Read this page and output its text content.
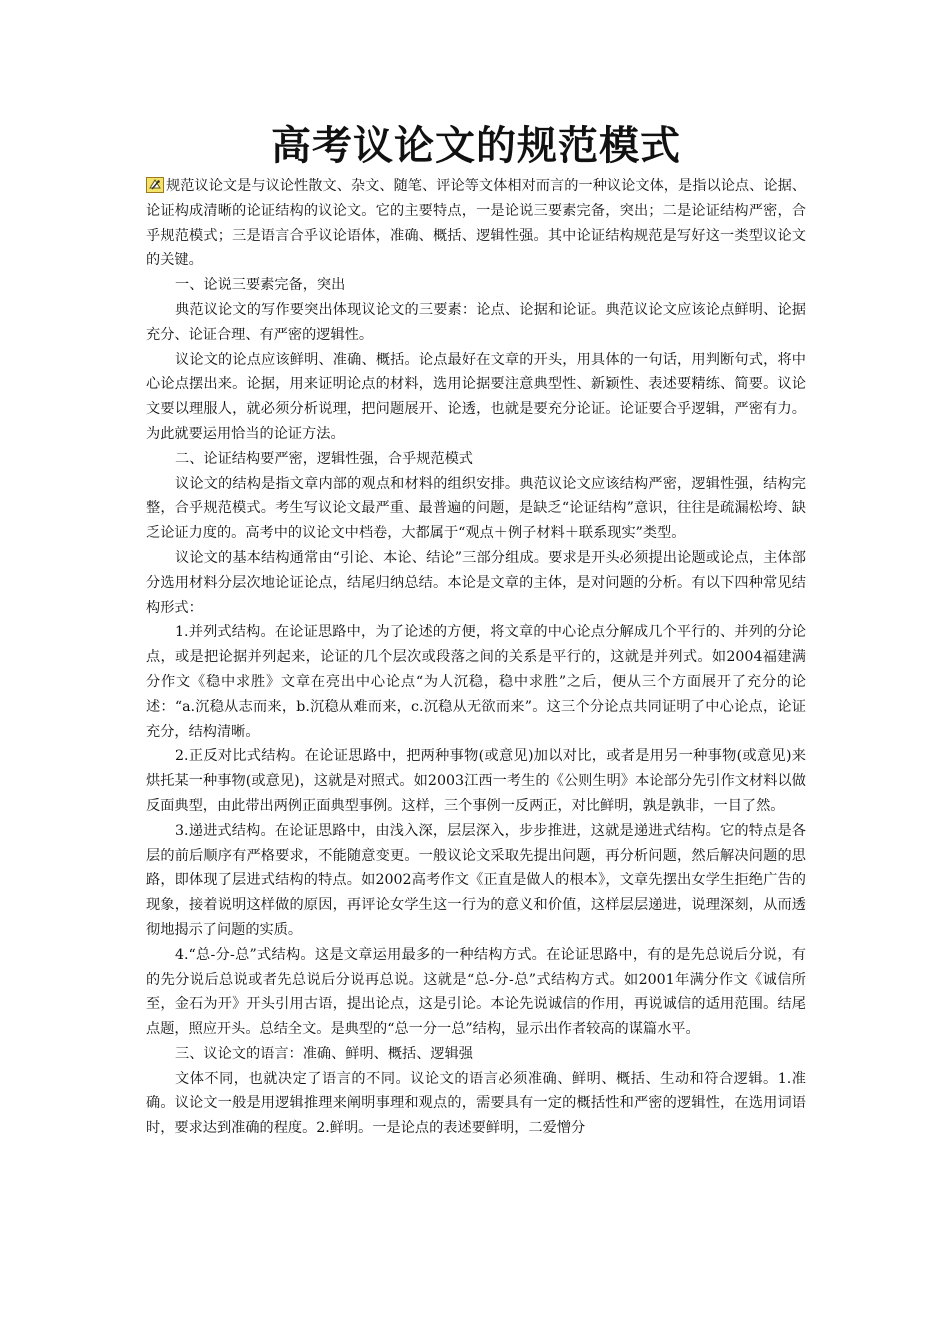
高考议论文的规范模式

规范议论文是与议论性散文、杂文、随笔、评论等文体相对而言的一种议论文体，是指以论点、论据、论证构成清晰的论证结构的议论文。它的主要特点，一是论说三要素完备，突出；二是论证结构严密，合乎规范模式；三是语言合乎议论语体，准确、概括、逻辑性强。其中论证结构规范是写好这一类型议论文的关键。

一、论说三要素完备，突出

典范议论文的写作要突出体现议论文的三要素：论点、论据和论证。典范议论文应该论点鲜明、论据充分、论证合理、有严密的逻辑性。

议论文的论点应该鲜明、准确、概括。论点最好在文章的开头，用具体的一句话，用判断句式，将中心论点摆出来。论据，用来证明论点的材料，选用论据要注意典型性、新颖性、表述要精练、简要。议论文要以理服人，就必须分析说理，把问题展开、论透，也就是要充分论证。论证要合乎逻辑，严密有力。为此就要运用恰当的论证方法。

二、论证结构要严密，逻辑性强，合乎规范模式

议论文的结构是指文章内部的观点和材料的组织安排。典范议论文应该结构严密，逻辑性强，结构完整，合乎规范模式。考生写议论文最严重、最普遍的问题，是缺乏“论证结构”意识，往往是疏漏松垮、缺乏论证力度的。高考中的议论文中档卷，大都属于“观点＋例子材料＋联系现实”类型。

议论文的基本结构通常由“引论、本论、结论”三部分组成。要求是开头必须提出论题或论点，主体部分选用材料分层次地论证论点，结尾归纳总结。本论是文章的主体，是对问题的分析。有以下四种常见结构形式：

1.并列式结构。在论证思路中，为了论述的方便，将文章的中心论点分解成几个平行的、并列的分论点，或是把论据并列起来，论证的几个层次或段落之间的关系是平行的，这就是并列式。如2004福建满分作文《稳中求胜》文章在亮出中心论点“为人沉稳，稳中求胜”之后，便从三个方面展开了充分的论述：“a.沉稳从志而来，b.沉稳从难而来，c.沉稳从无欲而来”。这三个分论点共同证明了中心论点，论证充分，结构清晰。

2.正反对比式结构。在论证思路中，把两种事物(或意见)加以对比，或者是用另一种事物(或意见)来烘托某一种事物(或意见)，这就是对照式。如2003江西一考生的《公则生明》本论部分先引作文材料以做反面典型，由此带出两例正面典型事例。这样，三个事例一反两正，对比鲜明，孰是孰非，一目了然。

3.递进式结构。在论证思路中，由浅入深，层层深入，步步推进，这就是递进式结构。它的特点是各层的前后顺序有严格要求，不能随意变更。一般议论文采取先提出问题，再分析问题，然后解决问题的思路，即体现了层进式结构的特点。如2002高考作文《正直是做人的根本》，文章先摆出女学生拒绝广告的现象，接着说明这样做的原因，再评论女学生这一行为的意义和价值，这样层层递进，说理深刻，从而透彻地揭示了问题的实质。

4.“总-分-总”式结构。这是文章运用最多的一种结构方式。在论证思路中，有的是先总说后分说，有的先分说后总说或者先总说后分说再总说。这就是“总-分-总”式结构方式。如2001年满分作文《诚信所至，金石为开》开头引用古语，提出论点，这是引论。本论先说诚信的作用，再说诚信的适用范围。结尾点题，照应开头。总结全文。是典型的“总一分一总”结构，显示出作者较高的谋篇水平。

三、议论文的语言：准确、鲜明、概括、逻辑强

文体不同，也就决定了语言的不同。议论文的语言必须准确、鲜明、概括、生动和符合逻辑。1.准确。议论文一般是用逻辑推理来阐明事理和观点的，需要具有一定的概括性和严密的逻辑性，在选用词语时，要求达到准确的程度。2.鲜明。一是论点的表述要鲜明，二爱憎分
